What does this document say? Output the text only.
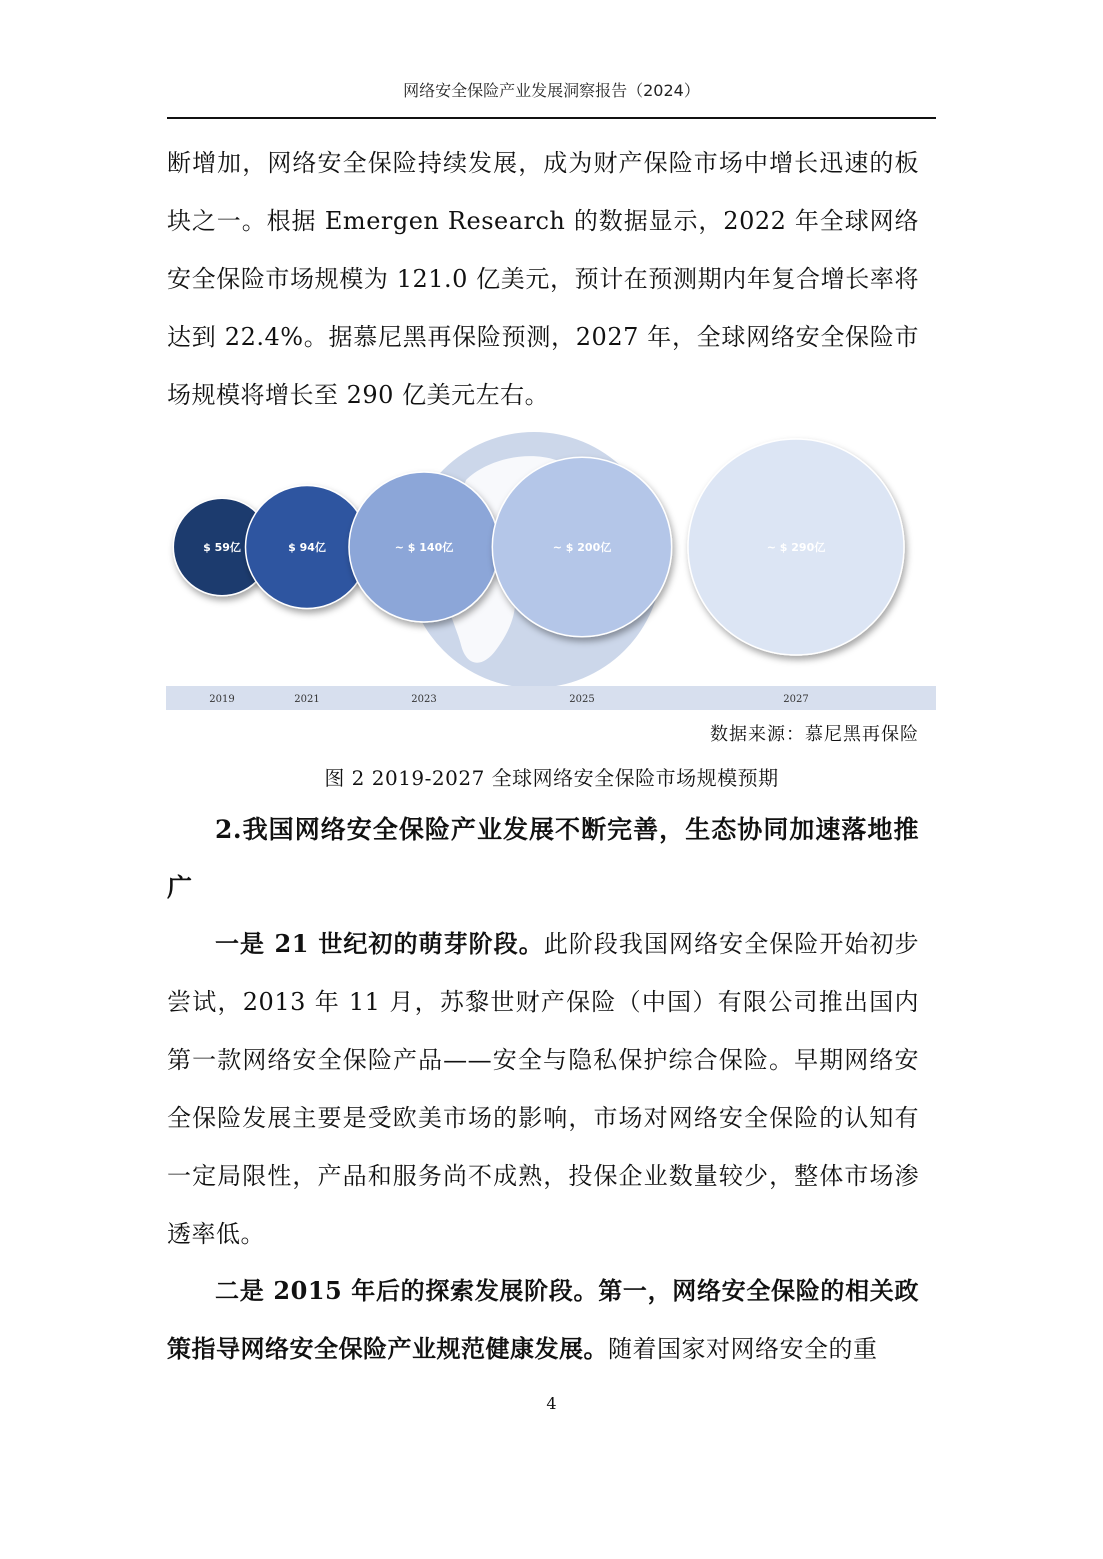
网络安全保险产业发展洞察报告（2024）

断增加，网络安全保险持续发展，成为财产保险市场中增长迅速的板块之一。根据 Emergen Research 的数据显示，2022 年全球网络安全保险市场规模为 121.0 亿美元，预计在预测期内年复合增长率将达到 22.4%。据慕尼黑再保险预测，2027 年，全球网络安全保险市场规模将增长至 290 亿美元左右。

$ 59亿
2019
$ 94亿
2021
~ $ 140亿
2023
~ $ 200亿
2025
~ $ 290亿
2027
数据来源：慕尼黑再保险
图 2 2019-2027 全球网络安全保险市场规模预期

2.我国网络安全保险产业发展不断完善，生态协同加速落地推广

一是 21 世纪初的萌芽阶段。此阶段我国网络安全保险开始初步尝试，2013 年 11 月，苏黎世财产保险（中国）有限公司推出国内第一款网络安全保险产品——安全与隐私保护综合保险。早期网络安全保险发展主要是受欧美市场的影响，市场对网络安全保险的认知有一定局限性，产品和服务尚不成熟，投保企业数量较少，整体市场渗透率低。

二是 2015 年后的探索发展阶段。第一，网络安全保险的相关政策指导网络安全保险产业规范健康发展。随着国家对网络安全的重

4
